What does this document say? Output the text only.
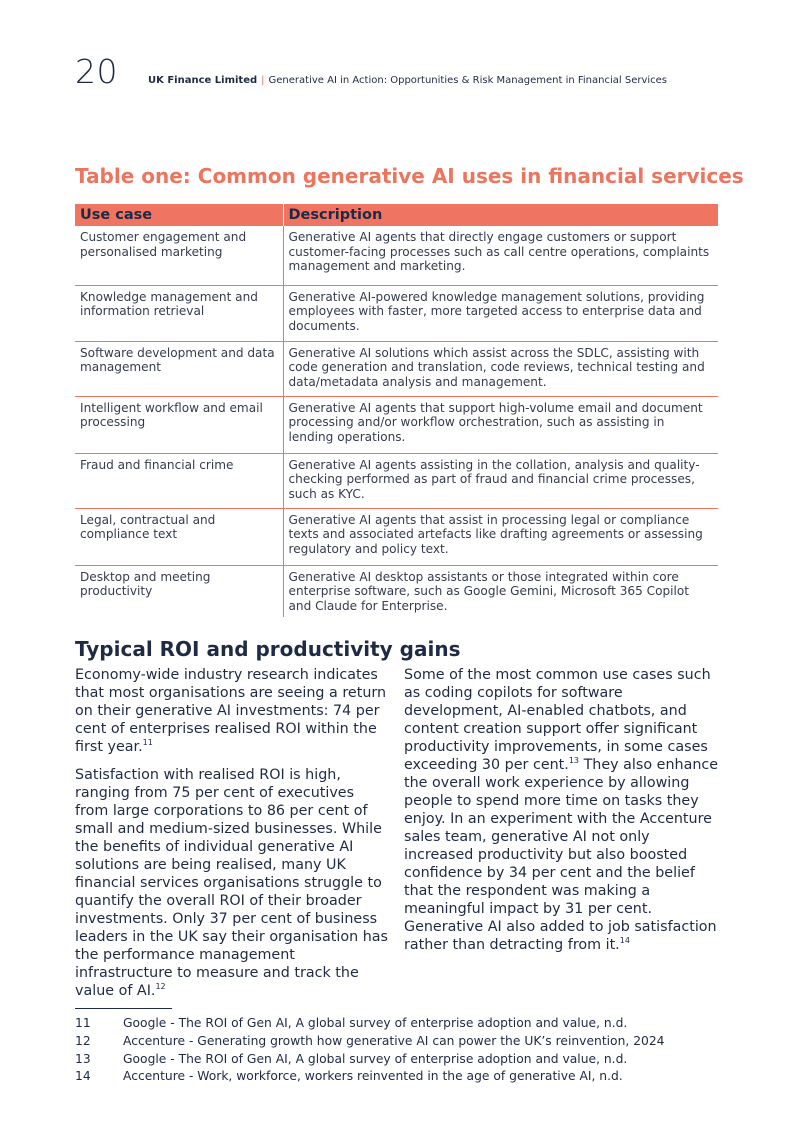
20	UK Finance Limited | Generative AI in Action: Opportunities & Risk Management in Financial Services
Table one: Common generative AI uses in financial services
Use case	Description
Customer engagement and personalised marketing	Generative AI agents that directly engage customers or support customer-facing processes such as call centre operations, complaints management and marketing.
Knowledge management and information retrieval	Generative AI-powered knowledge management solutions, providing employees with faster, more targeted access to enterprise data and documents.
Software development and data management	Generative AI solutions which assist across the SDLC, assisting with code generation and translation, code reviews, technical testing and data/metadata analysis and management.
Intelligent workflow and email processing	Generative AI agents that support high-volume email and document processing and/or workflow orchestration, such as assisting in lending operations.
Fraud and financial crime	Generative AI agents assisting in the collation, analysis and quality-checking performed as part of fraud and financial crime processes, such as KYC.
Legal, contractual and compliance text	Generative AI agents that assist in processing legal or compliance texts and associated artefacts like drafting agreements or assessing regulatory and policy text.
Desktop and meeting productivity	Generative AI desktop assistants or those integrated within core enterprise software, such as Google Gemini, Microsoft 365 Copilot and Claude for Enterprise.
Typical ROI and productivity gains

Economy-wide industry research indicates that most organisations are seeing a return on their generative AI investments: 74 per cent of enterprises realised ROI within the first year.$^{11}$

Satisfaction with realised ROI is high, ranging from 75 per cent of executives from large corporations to 86 per cent of small and medium-sized businesses. While the benefits of individual generative AI solutions are being realised, many UK financial services organisations struggle to quantify the overall ROI of their broader investments. Only 37 per cent of business leaders in the UK say their organisation has the performance management infrastructure to measure and track the value of AI.$^{12}$

Some of the most common use cases such as coding copilots for software development, AI-enabled chatbots, and content creation support offer significant productivity improvements, in some cases exceeding 30 per cent.$^{13}$ They also enhance the overall work experience by allowing people to spend more time on tasks they enjoy. In an experiment with the Accenture sales team, generative AI not only increased productivity but also boosted confidence by 34 per cent and the belief that the respondent was making a meaningful impact by 31 per cent. Generative AI also added to job satisfaction rather than detracting from it.$^{14}$

11	Google - The ROI of Gen AI, A global survey of enterprise adoption and value, n.d.
12	Accenture - Generating growth how generative AI can power the UK’s reinvention, 2024
13	Google - The ROI of Gen AI, A global survey of enterprise adoption and value, n.d.
14	Accenture - Work, workforce, workers reinvented in the age of generative AI, n.d.
